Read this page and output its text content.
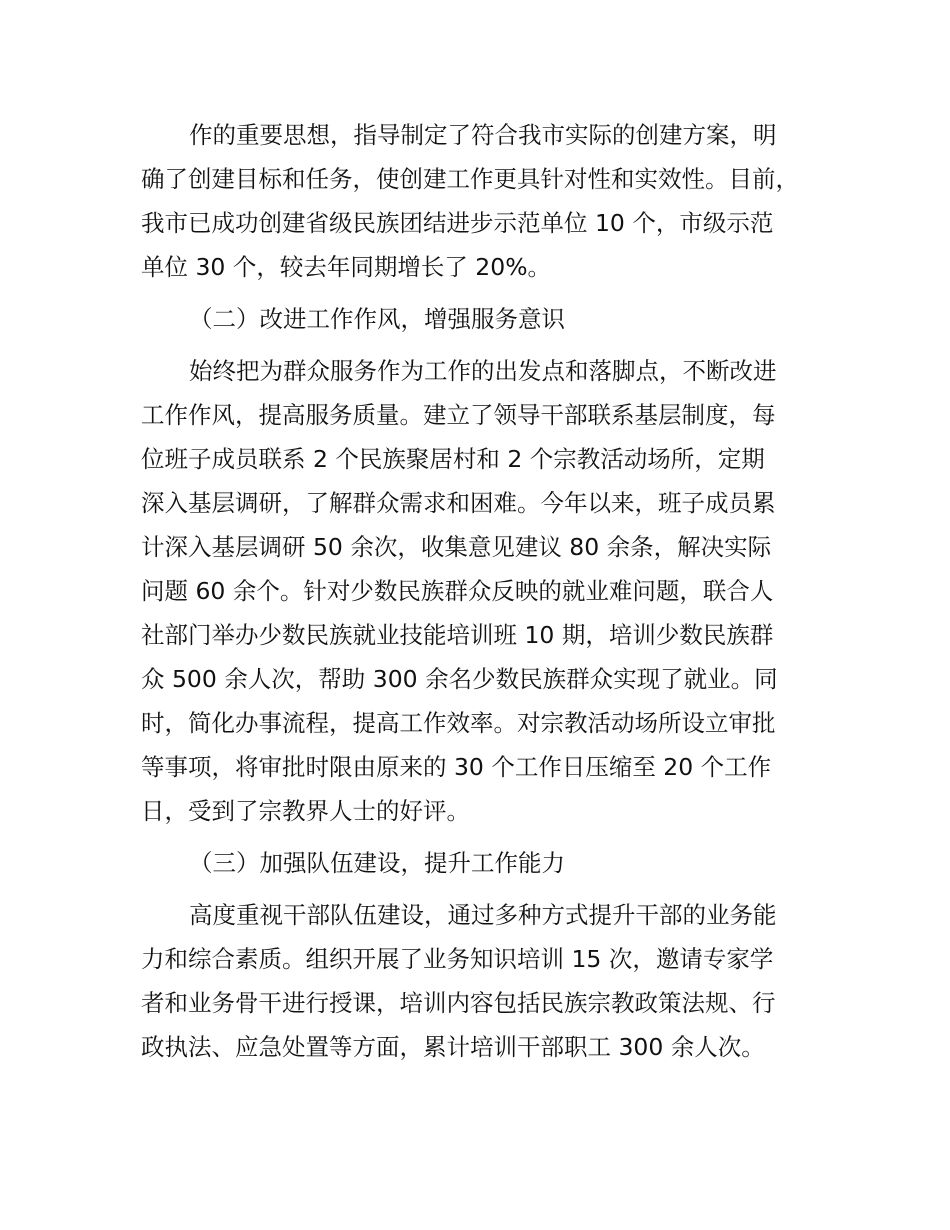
作的重要思想，指导制定了符合我市实际的创建方案，明
确了创建目标和任务，使创建工作更具针对性和实效性。目前，
我市已成功创建省级民族团结进步示范单位 10 个，市级示范
单位 30 个，较去年同期增长了 20%。
（二）改进工作作风，增强服务意识
始终把为群众服务作为工作的出发点和落脚点，不断改进
工作作风，提高服务质量。建立了领导干部联系基层制度，每
位班子成员联系 2 个民族聚居村和 2 个宗教活动场所，定期
深入基层调研，了解群众需求和困难。今年以来，班子成员累
计深入基层调研 50 余次，收集意见建议 80 余条，解决实际
问题 60 余个。针对少数民族群众反映的就业难问题，联合人
社部门举办少数民族就业技能培训班 10 期，培训少数民族群
众 500 余人次，帮助 300 余名少数民族群众实现了就业。同
时，简化办事流程，提高工作效率。对宗教活动场所设立审批
等事项，将审批时限由原来的 30 个工作日压缩至 20 个工作
日，受到了宗教界人士的好评。
（三）加强队伍建设，提升工作能力
高度重视干部队伍建设，通过多种方式提升干部的业务能
力和综合素质。组织开展了业务知识培训 15 次，邀请专家学
者和业务骨干进行授课，培训内容包括民族宗教政策法规、行
政执法、应急处置等方面，累计培训干部职工 300 余人次。
